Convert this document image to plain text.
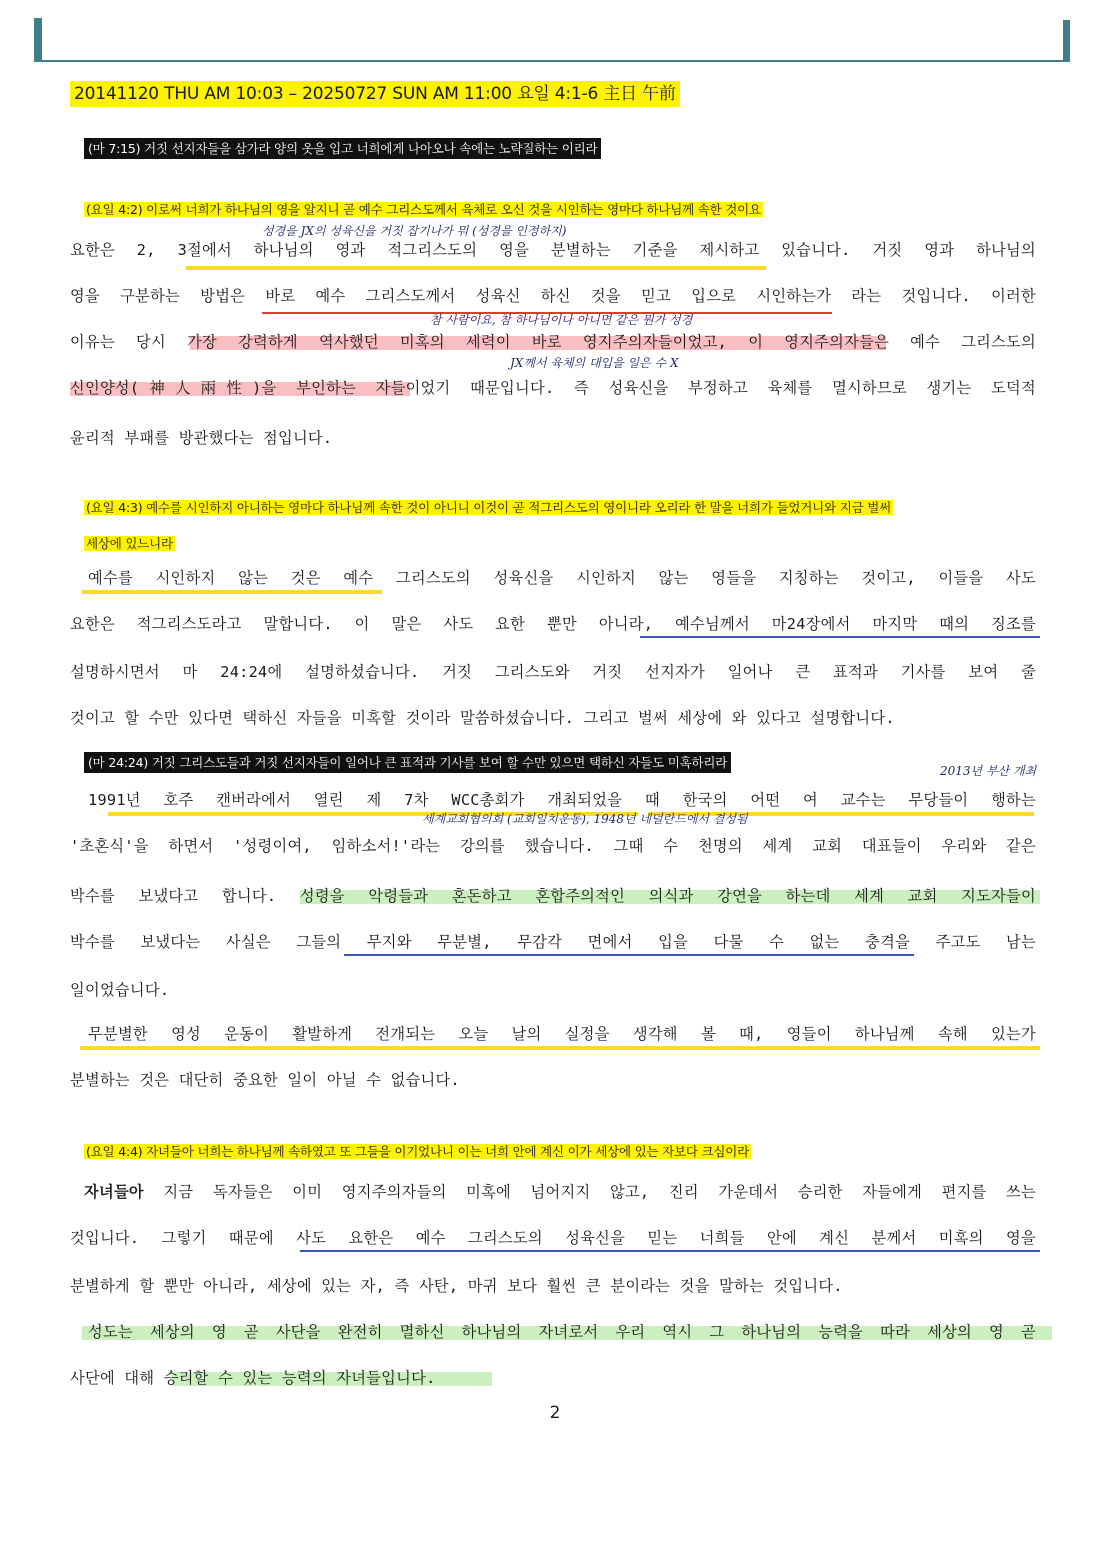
20141120 THU AM 10:03 – 20250727 SUN AM 11:00 요일 4:1-6 主日 午前
(마 7:15) 거짓 선지자들을 삼가라 양의 옷을 입고 너희에게 나아오나 속에는 노략질하는 이리라
(요일 4:2) 이로써 너희가 하나님의 영을 알지니 곧 예수 그리스도께서 육체로 오신 것을 시인하는 영마다 하나님께 속한 것이요
성경을 JX의 성육신을 거짓 잡기나가 뭐 (성경을 인정하지)
요한은 2, 3절에서 하나님의 영과 적그리스도의 영을 분별하는 기준을 제시하고 있습니다. 거짓 영과 하나님의
영을 구분하는 방법은 바로 예수 그리스도께서 성육신 하신 것을 믿고 입으로 시인하는가 라는 것입니다. 이러한
참 사람이요, 참 하나님이나 아니면 같은 뭔가 성경
이유는 당시 가장 강력하게 역사했던 미혹의 세력이 바로 영지주의자들이었고, 이 영지주의자들은 예수 그리스도의
JX께서 육체의 대입을 일은 수 X
신인양성(神人兩性)을 부인하는 자들이었기 때문입니다. 즉 성육신을 부정하고 육체를 멸시하므로 생기는 도덕적
윤리적 부패를 방관했다는 점입니다.
(요일 4:3) 예수를 시인하지 아니하는 영마다 하나님께 속한 것이 아니니 이것이 곧 적그리스도의 영이니라 오리라 한 말을 너희가 들었거니와 지금 벌써
세상에 있느니라
예수를 시인하지 않는 것은 예수 그리스도의 성육신을 시인하지 않는 영들을 지칭하는 것이고, 이들을 사도
요한은 적그리스도라고 말합니다. 이 말은 사도 요한 뿐만 아니라, 예수님께서 마24장에서 마지막 때의 징조를
설명하시면서 마 24:24에 설명하셨습니다. 거짓 그리스도와 거짓 선지자가 일어나 큰 표적과 기사를 보여 줄
것이고 할 수만 있다면 택하신 자들을 미혹할 것이라 말씀하셨습니다. 그리고 벌써 세상에 와 있다고 설명합니다.
(마 24:24) 거짓 그리스도들과 거짓 선지자들이 일어나 큰 표적과 기사를 보여 할 수만 있으면 택하신 자들도 미혹하리라
2013년 부산 개최
1991년 호주 캔버라에서 열린 제 7차 WCC총회가 개최되었을 때 한국의 어떤 여 교수는 무당들이 행하는
세계교회협의회 (교회일치운동), 1948년 네덜란드에서 결성됨
'초혼식'을 하면서 '성령이여, 임하소서!'라는 강의를 했습니다. 그때 수 천명의 세계 교회 대표들이 우리와 같은
박수를 보냈다고 합니다. 성령을 악령들과 혼돈하고 혼합주의적인 의식과 강연을 하는데 세계 교회 지도자들이
박수를 보냈다는 사실은 그들의 무지와 무분별, 무감각 면에서 입을 다물 수 없는 충격을 주고도 남는
일이었습니다.
무분별한 영성 운동이 활발하게 전개되는 오늘 날의 실정을 생각해 볼 때, 영들이 하나님께 속해 있는가
분별하는 것은 대단히 중요한 일이 아닐 수 없습니다.
(요일 4:4) 자녀들아 너희는 하나님께 속하였고 또 그들을 이기었나니 이는 너희 안에 계신 이가 세상에 있는 자보다 크심이라
자녀들아 지금 독자들은 이미 영지주의자들의 미혹에 넘어지지 않고, 진리 가운데서 승리한 자들에게 편지를 쓰는
것입니다. 그렇기 때문에 사도 요한은 예수 그리스도의 성육신을 믿는 너희들 안에 계신 분께서 미혹의 영을
분별하게 할 뿐만 아니라, 세상에 있는 자, 즉 사탄, 마귀 보다 훨씬 큰 분이라는 것을 말하는 것입니다.
성도는 세상의 영 곧 사단을 완전히 멸하신 하나님의 자녀로서 우리 역시 그 하나님의 능력을 따라 세상의 영 곧
사단에 대해 승리할 수 있는 능력의 자녀들입니다.
2
